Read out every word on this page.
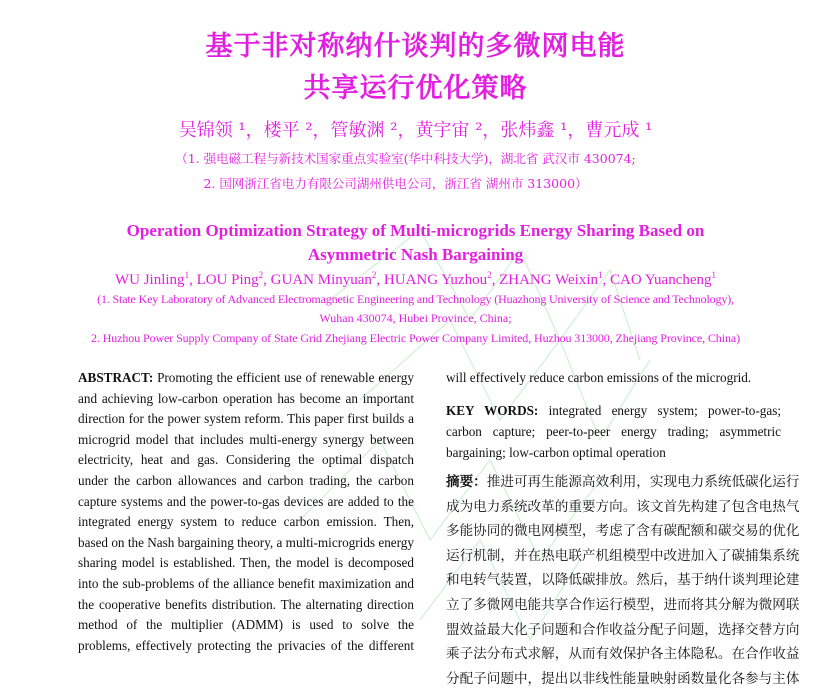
基于非对称纳什谈判的多微网电能
共享运行优化策略
吴锦领 ¹，楼平 ²，管敏渊 ²，黄宇宙 ²，张炜鑫 ¹，曹元成 ¹
（1. 强电磁工程与新技术国家重点实验室(华中科技大学)，湖北省 武汉市 430074;
2. 国网浙江省电力有限公司湖州供电公司，浙江省 湖州市 313000）
Operation Optimization Strategy of Multi-microgrids Energy Sharing Based on
Asymmetric Nash Bargaining
WU Jinling$^1$, LOU Ping$^2$, GUAN Minyuan$^2$, HUANG Yuzhou$^2$, ZHANG Weixin$^1$, CAO Yuancheng$^1$
(1. State Key Laboratory of Advanced Electromagnetic Engineering and Technology (Huazhong University of Science and Technology),
Wuhan 430074, Hubei Province, China;
2. Huzhou Power Supply Company of State Grid Zhejiang Electric Power Company Limited, Huzhou 313000, Zhejiang Province, China)
ABSTRACT: Promoting the efficient use of renewable energy
and achieving low-carbon operation has become an important
direction for the power system reform. This paper first builds a
microgrid model that includes multi-energy synergy between
electricity, heat and gas. Considering the optimal dispatch
under the carbon allowances and carbon trading, the carbon
capture systems and the power-to-gas devices are added to the
integrated energy system to reduce carbon emission. Then,
based on the Nash bargaining theory, a multi-microgrids energy
sharing model is established. Then, the model is decomposed
into the sub-problems of the alliance benefit maximization and
the cooperative benefits distribution. The alternating direction
method of the multiplier (ADMM) is used to solve the
problems, effectively protecting the privacies of the different
will effectively reduce carbon emissions of the microgrid.
KEY WORDS: integrated energy system; power-to-gas;
carbon capture; peer-to-peer energy trading; asymmetric
bargaining; low-carbon optimal operation
摘要：推进可再生能源高效利用，实现电力系统低碳化运行
成为电力系统改革的重要方向。该文首先构建了包含电热气
多能协同的微电网模型，考虑了含有碳配额和碳交易的优化
运行机制，并在热电联产机组模型中改进加入了碳捕集系统
和电转气装置，以降低碳排放。然后，基于纳什谈判理论建
立了多微网电能共享合作运行模型，进而将其分解为微网联
盟效益最大化子问题和合作收益分配子问题，选择交替方向
乘子法分布式求解，从而有效保护各主体隐私。在合作收益
分配子问题中，提出以非线性能量映射函数量化各参与主体
